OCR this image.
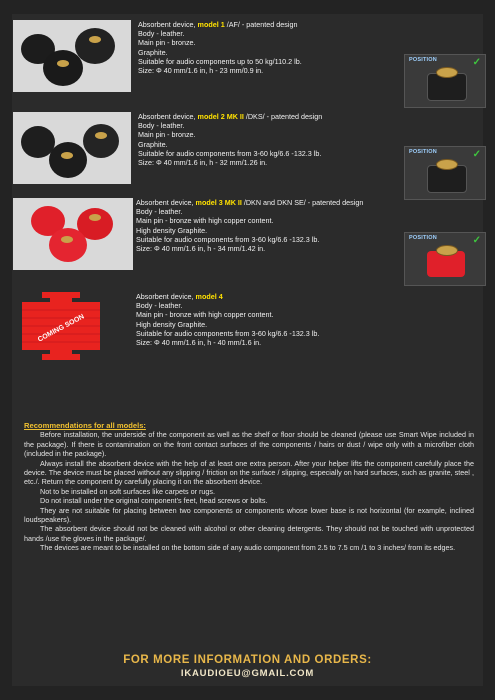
Absorbent device, model 1 /AF/ - patented design
Body - leather.
Main pin - bronze.
Graphite.
Suitable for audio components up to 50 kg/110.2 lb.
Size: Φ 40 mm/1.6 in, h - 23 mm/0.9 in.
POSITION	✓
Absorbent device, model 2 MK II /DKS/ - patented design
Body - leather.
Main pin - bronze.
Graphite.
Suitable for audio components from 3-60 kg/6.6 -132.3 lb.
Size: Φ 40 mm/1.6 in, h - 32 mm/1.26 in.
POSITION	✓
Absorbent device, model 3 MK II /DKN and DKN SE/ - patented design
Body - leather.
Main pin - bronze with high copper content.
High density Graphite.
Suitable for audio components from 3-60 kg/6.6 -132.3 lb.
Size: Φ 40 mm/1.6 in, h - 34 mm/1.42 in.
POSITION	✓
Absorbent device, model 4
Body - leather.
Main pin - bronze with high copper content.
High density Graphite.
Suitable for audio components from 3-60 kg/6.6 -132.3 lb.
Size: Φ 40 mm/1.6 in, h - 40 mm/1.6 in.
COMING SOON
Recommendations for all models:

Before installation, the underside of the component as well as the shelf or floor should be cleaned (please use Smart Wipe included in the package). If there is contamination on the front contact surfaces of the components / hairs or dust / wipe only with a microfiber cloth (included in the package).

Always install the absorbent device with the help of at least one extra person. After your helper lifts the component carefully place the device. The device must be placed without any slipping / friction on the surface / slipping, especially on hard surfaces, such as granite, steel , etc./. Return the component by carefully placing it on the absorbent device.

Not to be installed on soft surfaces like carpets or rugs.

Do not install under the original component's feet, head screws or bolts.

They are not suitable for placing between two components or components whose lower base is not horizontal (for example, inclined loudspeakers).

The absorbent device should not be cleaned with alcohol or other cleaning detergents. They should not be touched with unprotected hands /use the gloves in the package/.

The devices are meant to be installed on the bottom side of any audio component from 2.5 to 7.5 cm /1 to 3 inches/ from its edges.

FOR MORE INFORMATION AND ORDERS:
IKAUDIOEU@GMAIL.COM
